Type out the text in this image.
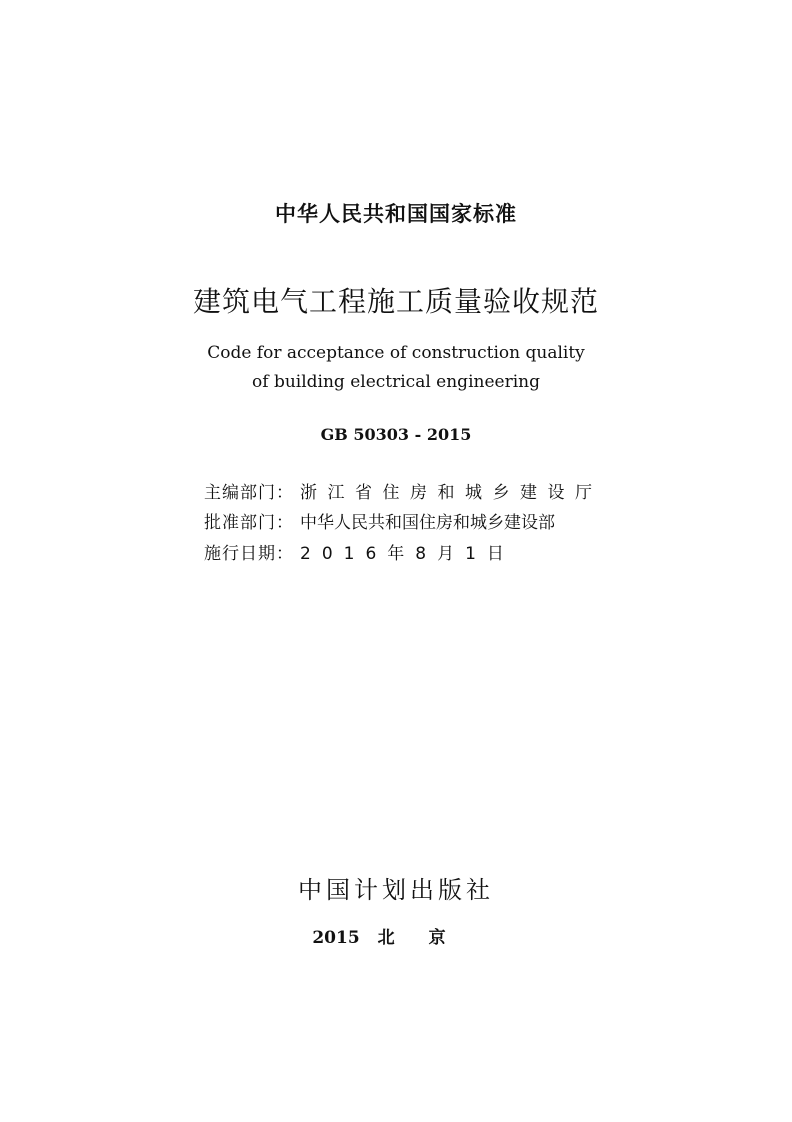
中华人民共和国国家标准
建筑电气工程施工质量验收规范
Code for acceptance of construction quality
of building electrical engineering
GB 50303 - 2015
主编部门： 浙江省住房和城乡建设厅
批准部门： 中华人民共和国住房和城乡建设部
施行日期： 2016年8月1日
中国计划出版社
2015 北京
